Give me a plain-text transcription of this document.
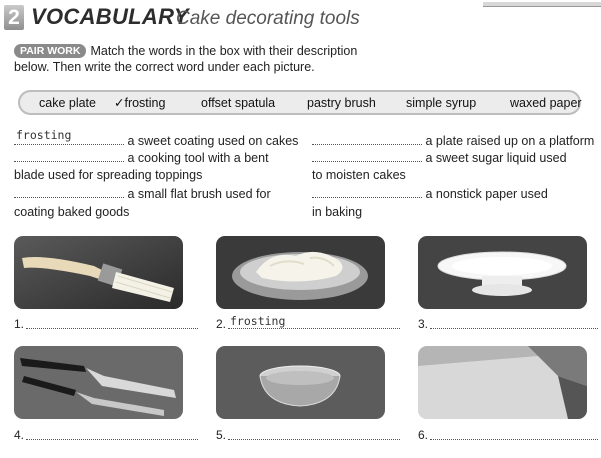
2 VOCABULARY
Cake decorating tools
PAIR WORK Match the words in the box with their description
below. Then write the correct word under each picture.
cake plate ✓frosting	offset spatula	pastry brush simple syrup	waxed paper
frosting	a sweet coating used on cakes
a cooking tool with a bent
blade used for spreading toppings
a small flat brush used for
coating baked goods
a plate raised up on a platform
a sweet sugar liquid used
to moisten cakes
a nonstick paper used
in baking
1.	2. frosting	3.
4.	5.	6.
